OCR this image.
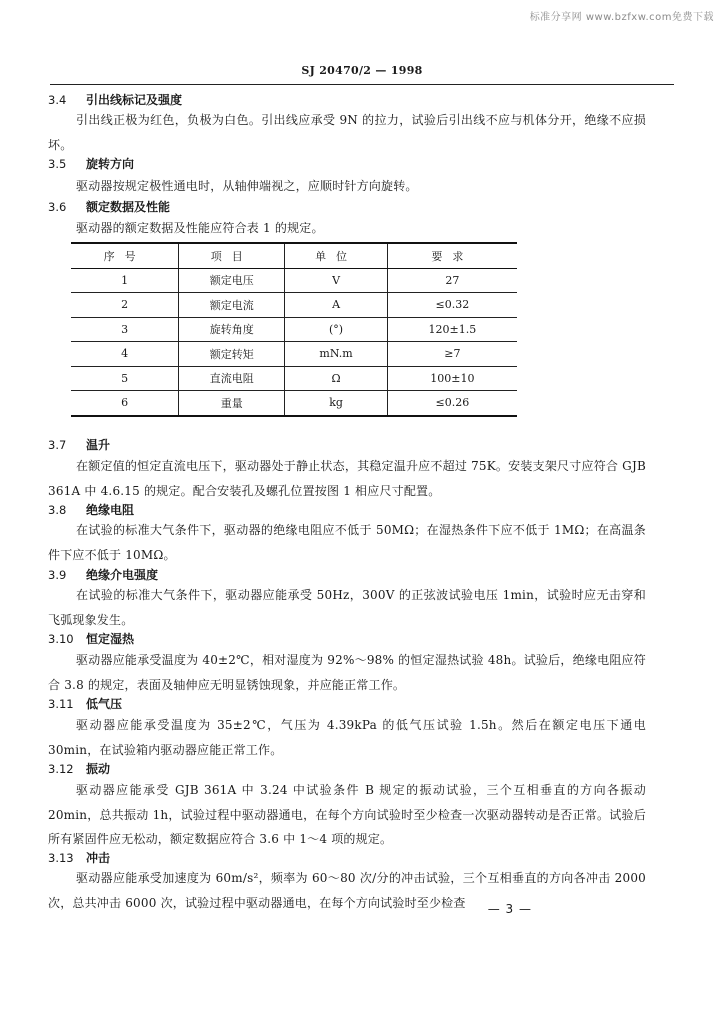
标准分享网 www.bzfxw.com免费下载
SJ 20470/2 — 1998
3.4 引出线标记及强度
引出线正极为红色，负极为白色。引出线应承受 9N 的拉力，试验后引出线不应与机体分开，绝缘不应损坏。
3.5 旋转方向
驱动器按规定极性通电时，从轴伸端视之，应顺时针方向旋转。
3.6 额定数据及性能
驱动器的额定数据及性能应符合表 1 的规定。
序号	项目	单位	要求
1	额定电压	V	27
2	额定电流	A	≤0.32
3	旋转角度	(°)	120±1.5
4	额定转矩	mN.m	≥7
5	直流电阻	Ω	100±10
6	重量	kg	≤0.26
3.7 温升
在额定值的恒定直流电压下，驱动器处于静止状态，其稳定温升应不超过 75K。安装支架尺寸应符合 GJB 361A 中 4.6.15 的规定。配合安装孔及螺孔位置按图 1 相应尺寸配置。
3.8 绝缘电阻
在试验的标准大气条件下，驱动器的绝缘电阻应不低于 50MΩ；在湿热条件下应不低于 1MΩ；在高温条件下应不低于 10MΩ。
3.9 绝缘介电强度
在试验的标准大气条件下，驱动器应能承受 50Hz，300V 的正弦波试验电压 1min，试验时应无击穿和飞弧现象发生。
3.10 恒定湿热
驱动器应能承受温度为 40±2℃，相对湿度为 92%～98% 的恒定湿热试验 48h。试验后，绝缘电阻应符合 3.8 的规定，表面及轴伸应无明显锈蚀现象，并应能正常工作。
3.11 低气压
驱动器应能承受温度为 35±2℃，气压为 4.39kPa 的低气压试验 1.5h。然后在额定电压下通电 30min，在试验箱内驱动器应能正常工作。
3.12 振动
驱动器应能承受 GJB 361A 中 3.24 中试验条件 B 规定的振动试验，三个互相垂直的方向各振动 20min，总共振动 1h，试验过程中驱动器通电，在每个方向试验时至少检查一次驱动器转动是否正常。试验后所有紧固件应无松动，额定数据应符合 3.6 中 1～4 项的规定。
3.13 冲击
驱动器应能承受加速度为 60m/s²，频率为 60～80 次/分的冲击试验，三个互相垂直的方向各冲击 2000 次，总共冲击 6000 次，试验过程中驱动器通电，在每个方向试验时至少检查	— 3 —
